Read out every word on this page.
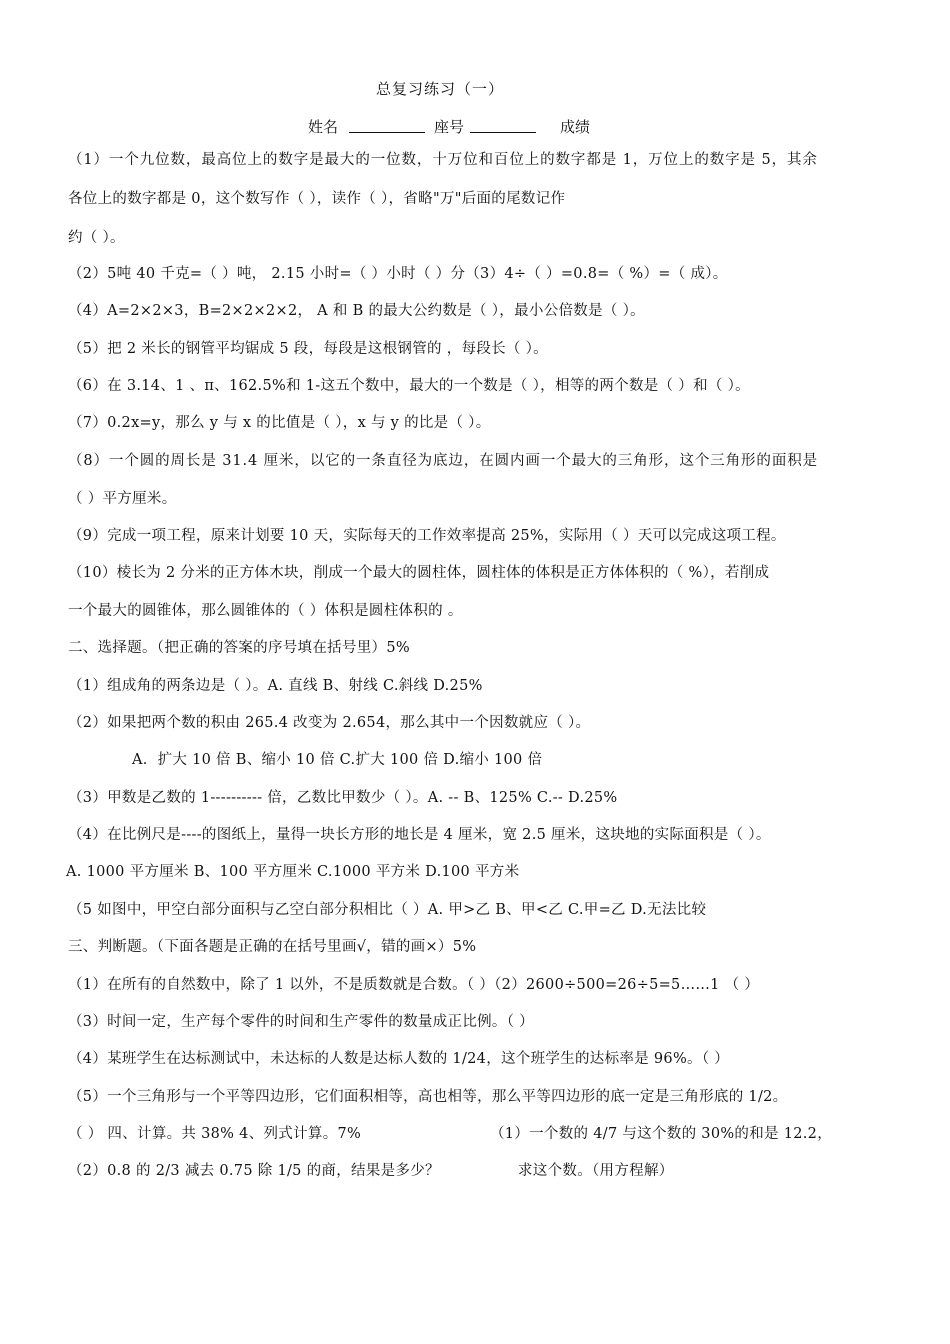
总复习练习（一）
姓名	座号	成绩
（1）一个九位数，最高位上的数字是最大的一位数，十万位和百位上的数字都是 1，万位上的数字是 5，其余
各位上的数字都是 0，这个数写作（ ），读作（ ），省略"万"后面的尾数记作
约（ ）。
（2）5吨 40 千克=（ ）吨， 2.15 小时=（ ）小时（ ）分（3）4÷（ ）=0.8=（ %）=（ 成）。
（4）A=2×2×3，B=2×2×2×2， A 和 B 的最大公约数是（ ），最小公倍数是（ ）。
（5）把 2 米长的钢管平均锯成 5 段，每段是这根钢管的 ，每段长（ ）。
（6）在 3.14、1 、π、162.5%和 1-这五个数中，最大的一个数是（ ），相等的两个数是（ ）和（ ）。
（7）0.2x=y，那么 y 与 x 的比值是（ ），x 与 y 的比是（ ）。
（8）一个圆的周长是 31.4 厘米，以它的一条直径为底边，在圆内画一个最大的三角形，这个三角形的面积是
（ ）平方厘米。
（9）完成一项工程，原来计划要 10 天，实际每天的工作效率提高 25%，实际用（ ）天可以完成这项工程。
（10）棱长为 2 分米的正方体木块，削成一个最大的圆柱体，圆柱体的体积是正方体体积的（ %），若削成
一个最大的圆锥体，那么圆锥体的（ ）体积是圆柱体积的 。
二、选择题。（把正确的答案的序号填在括号里）5%
（1）组成角的两条边是（ ）。A. 直线 B、射线 C.斜线 D.25%
（2）如果把两个数的积由 265.4 改变为 2.654，那么其中一个因数就应（ ）。
A．扩大 10 倍 B、缩小 10 倍 C.扩大 100 倍 D.缩小 100 倍
（3）甲数是乙数的 1---------- 倍，乙数比甲数少（ ）。A. -- B、125% C.-- D.25%
（4）在比例尺是----的图纸上，量得一块长方形的地长是 4 厘米，宽 2.5 厘米，这块地的实际面积是（ ）。
A. 1000 平方厘米 B、100 平方厘米 C.1000 平方米 D.100 平方米
（5 如图中，甲空白部分面积与乙空白部分积相比（ ）A. 甲>乙 B、甲<乙 C.甲=乙 D.无法比较
三、判断题。（下面各题是正确的在括号里画√，错的画×）5%
（1）在所有的自然数中，除了 1 以外，不是质数就是合数。（ ）（2）2600÷500=26÷5=5……1 （ ）
（3）时间一定，生产每个零件的时间和生产零件的数量成正比例。（ ）
（4）某班学生在达标测试中，未达标的人数是达标人数的 1/24，这个班学生的达标率是 96%。（ ）
（5）一个三角形与一个平等四边形，它们面积相等，高也相等，那么平等四边形的底一定是三角形底的 1/2。
（ ） 四、计算。共 38% 4、列式计算。7%	（1）一个数的 4/7 与这个数的 30%的和是 12.2，
（2）0.8 的 2/3 减去 0.75 除 1/5 的商，结果是多少？	求这个数。（用方程解）
